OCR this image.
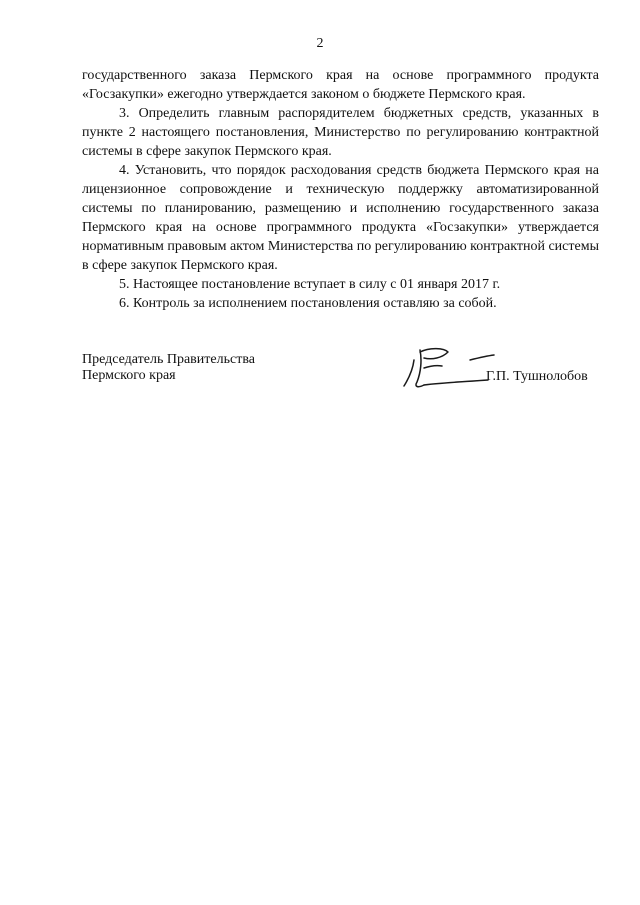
2

государственного заказа Пермского края на основе программного продукта «Госзакупки» ежегодно утверждается законом о бюджете Пермского края.

3. Определить главным распорядителем бюджетных средств, указанных в пункте 2 настоящего постановления, Министерство по регулированию контрактной системы в сфере закупок Пермского края.

4. Установить, что порядок расходования средств бюджета Пермского края на лицензионное сопровождение и техническую поддержку автоматизированной системы по планированию, размещению и исполнению государственного заказа Пермского края на основе программного продукта «Госзакупки» утверждается нормативным правовым актом Министерства по регулированию контрактной системы в сфере закупок Пермского края.

5. Настоящее постановление вступает в силу с 01 января 2017 г.

6. Контроль за исполнением постановления оставляю за собой.

Председатель Правительства
Пермского края	Г.П. Тушнолобов
